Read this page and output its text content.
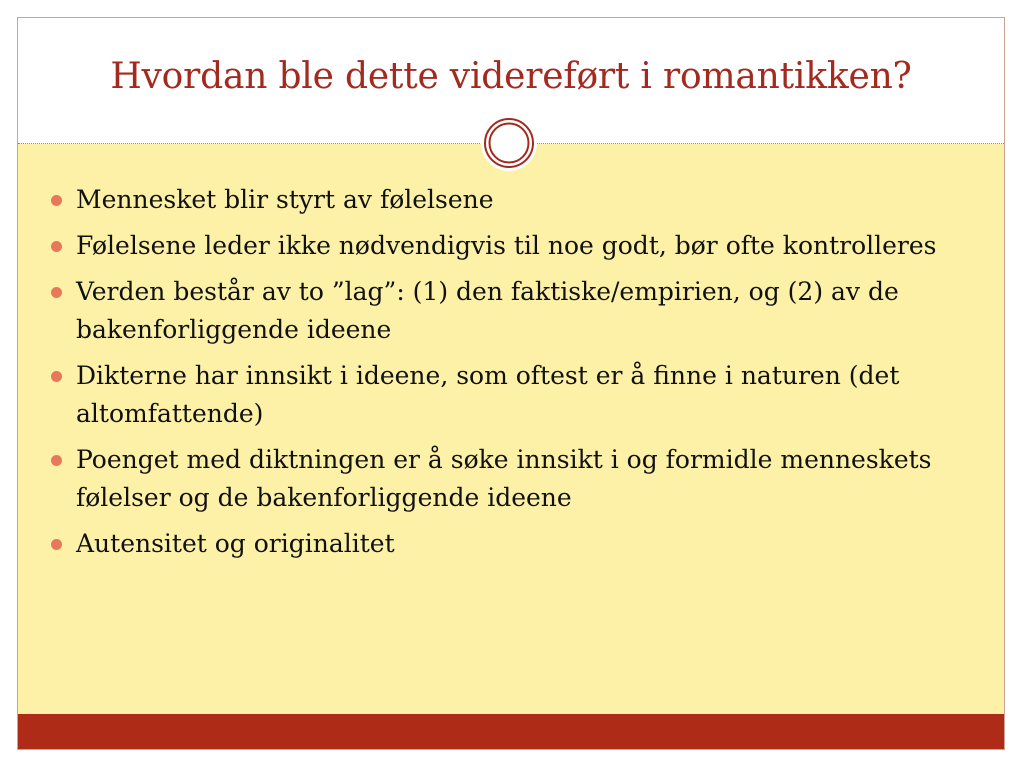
Hvordan ble dette videreført i romantikken?
Mennesket blir styrt av følelsene
Følelsene leder ikke nødvendigvis til noe godt, bør ofte kontrolleres
Verden består av to ”lag”: (1) den faktiske/empirien, og (2) av de bakenforliggende ideene
Dikterne har innsikt i ideene, som oftest er å finne i naturen (det altomfattende)
Poenget med diktningen er å søke innsikt i og formidle menneskets følelser og de bakenforliggende ideene
Autensitet og originalitet
